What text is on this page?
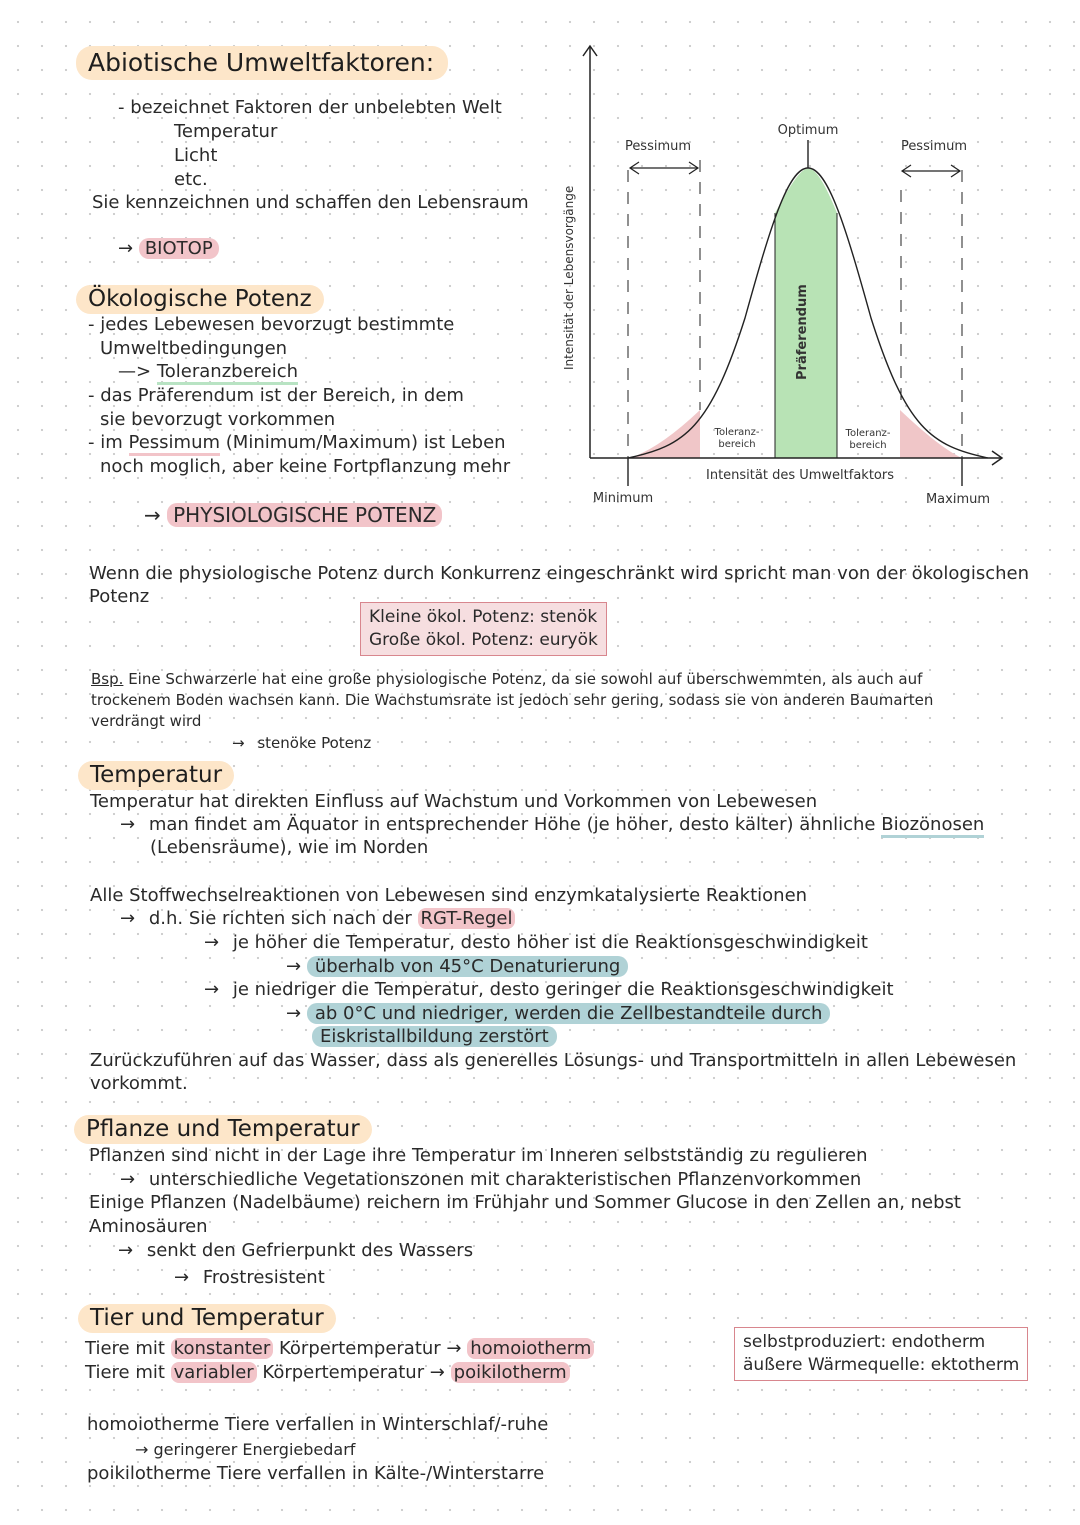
Abiotische Umweltfaktoren:
- bezeichnet Faktoren der unbelebten Welt
Temperatur
Licht
etc.
Sie kennzeichnen und schaffen den Lebensraum
→ BIOTOP
Ökologische Potenz
- jedes Lebewesen bevorzugt bestimmte
Umweltbedingungen
—> Toleranzbereich
- das Präferendum ist der Bereich, in dem
sie bevorzugt vorkommen
- im Pessimum (Minimum/Maximum) ist Leben
noch moglich, aber keine Fortpflanzung mehr
→ PHYSIOLOGISCHE POTENZ
Pessimum	Pessimum
Optimum
Präferendum
Intensität der Lebensvorgänge
Intensität des Umweltfaktors
Toleranz-
bereich
Toleranz-
bereich
Minimum	Maximum
Wenn die physiologische Potenz durch Konkurrenz eingeschränkt wird spricht man von der ökologischen
Potenz
Kleine ökol. Potenz: stenök
Große ökol. Potenz: euryök
Bsp. Eine Schwarzerle hat eine große physiologische Potenz, da sie sowohl auf überschwemmten, als auch auf
trockenem Boden wachsen kann. Die Wachstumsrate ist jedoch sehr gering, sodass sie von anderen Baumarten
verdrängt wird
→ stenöke Potenz
Temperatur
Temperatur hat direkten Einfluss auf Wachstum und Vorkommen von Lebewesen
→ man findet am Äquator in entsprechender Höhe (je höher, desto kälter) ähnliche Biozönosen
(Lebensräume), wie im Norden
Alle Stoffwechselreaktionen von Lebewesen sind enzymkatalysierte Reaktionen
→ d.h. Sie richten sich nach der RGT-Regel
→ je höher die Temperatur, desto höher ist die Reaktionsgeschwindigkeit
→ überhalb von 45°C Denaturierung
→ je niedriger die Temperatur, desto geringer die Reaktionsgeschwindigkeit
→ ab 0°C und niedriger, werden die Zellbestandteile durch
Eiskristallbildung zerstört
Zurückzuführen auf das Wasser, dass als generelles Lösungs- und Transportmitteln in allen Lebewesen
vorkommt.
Pflanze und Temperatur
Pflanzen sind nicht in der Lage ihre Temperatur im Inneren selbstständig zu regulieren
→ unterschiedliche Vegetationszonen mit charakteristischen Pflanzenvorkommen
Einige Pflanzen (Nadelbäume) reichern im Frühjahr und Sommer Glucose in den Zellen an, nebst
Aminosäuren
→ senkt den Gefrierpunkt des Wassers
→ Frostresistent
Tier und Temperatur
Tiere mit konstanter Körpertemperatur → homoiotherm
Tiere mit variabler Körpertemperatur → poikilotherm
selbstproduziert: endotherm
äußere Wärmequelle: ektotherm
homoiotherme Tiere verfallen in Winterschlaf/-ruhe
→ geringerer Energiebedarf
poikilotherme Tiere verfallen in Kälte-/Winterstarre
